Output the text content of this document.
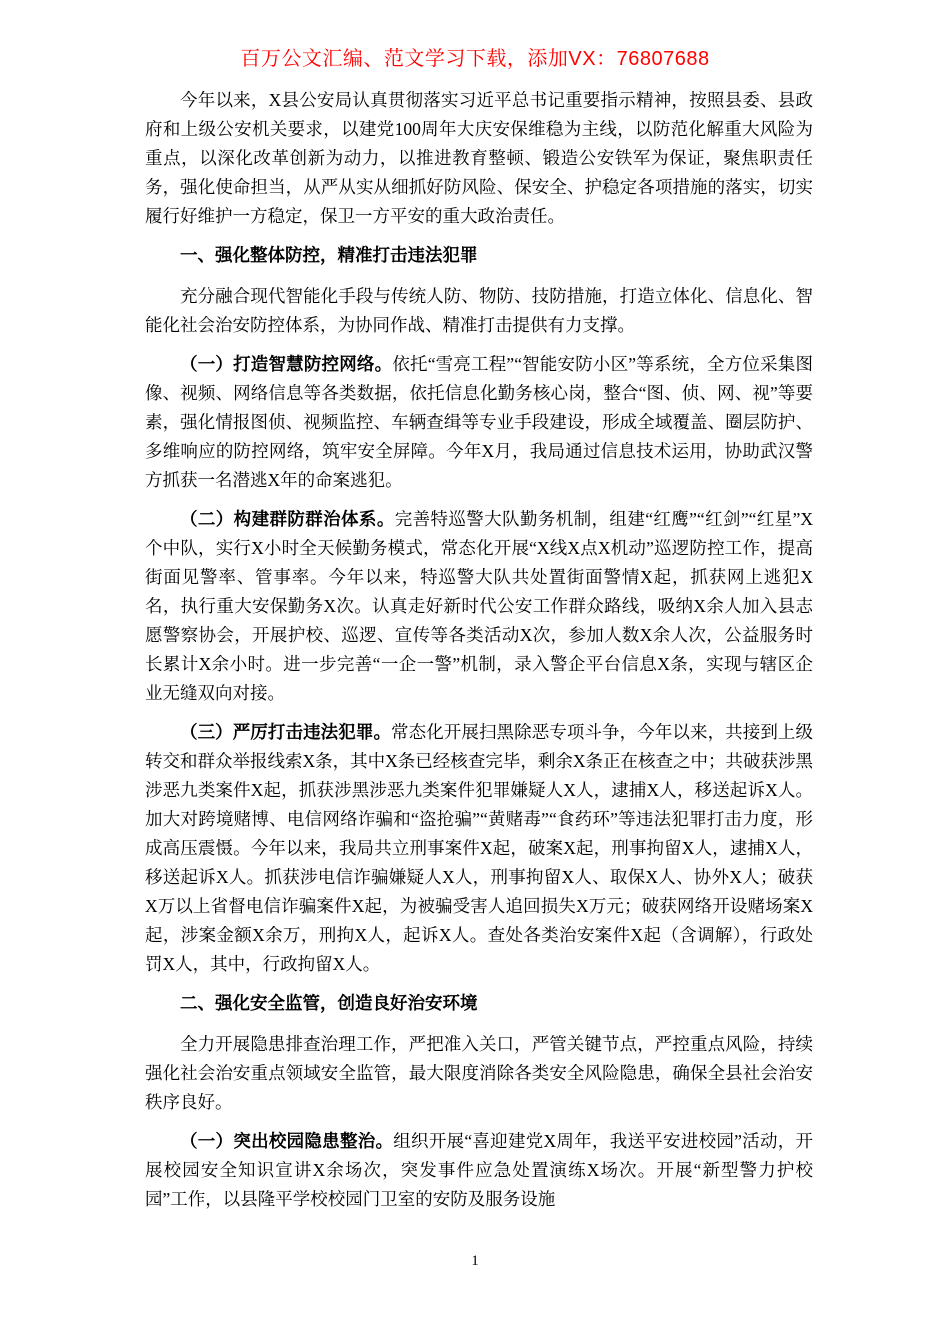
百万公文汇编、范文学习下载，添加VX：76807688

今年以来，X县公安局认真贯彻落实习近平总书记重要指示精神，按照县委、县政府和上级公安机关要求，以建党100周年大庆安保维稳为主线，以防范化解重大风险为重点，以深化改革创新为动力，以推进教育整顿、锻造公安铁军为保证，聚焦职责任务，强化使命担当，从严从实从细抓好防风险、保安全、护稳定各项措施的落实，切实履行好维护一方稳定，保卫一方平安的重大政治责任。

一、强化整体防控，精准打击违法犯罪

充分融合现代智能化手段与传统人防、物防、技防措施，打造立体化、信息化、智能化社会治安防控体系，为协同作战、精准打击提供有力支撑。

（一）打造智慧防控网络。依托“雪亮工程”“智能安防小区”等系统，全方位采集图像、视频、网络信息等各类数据，依托信息化勤务核心岗，整合“图、侦、网、视”等要素，强化情报图侦、视频监控、车辆查缉等专业手段建设，形成全域覆盖、圈层防护、多维响应的防控网络，筑牢安全屏障。今年X月，我局通过信息技术运用，协助武汉警方抓获一名潜逃X年的命案逃犯。

（二）构建群防群治体系。完善特巡警大队勤务机制，组建“红鹰”“红剑”“红星”X个中队，实行X小时全天候勤务模式，常态化开展“X线X点X机动”巡逻防控工作，提高街面见警率、管事率。今年以来，特巡警大队共处置街面警情X起，抓获网上逃犯X名，执行重大安保勤务X次。认真走好新时代公安工作群众路线，吸纳X余人加入县志愿警察协会，开展护校、巡逻、宣传等各类活动X次，参加人数X余人次，公益服务时长累计X余小时。进一步完善“一企一警”机制，录入警企平台信息X条，实现与辖区企业无缝双向对接。

（三）严厉打击违法犯罪。常态化开展扫黑除恶专项斗争，今年以来，共接到上级转交和群众举报线索X条，其中X条已经核查完毕，剩余X条正在核查之中；共破获涉黑涉恶九类案件X起，抓获涉黑涉恶九类案件犯罪嫌疑人X人，逮捕X人，移送起诉X人。加大对跨境赌博、电信网络诈骗和“盗抢骗”“黄赌毒”“食药环”等违法犯罪打击力度，形成高压震慑。今年以来，我局共立刑事案件X起，破案X起，刑事拘留X人，逮捕X人，移送起诉X人。抓获涉电信诈骗嫌疑人X人，刑事拘留X人、取保X人、协外X人；破获X万以上省督电信诈骗案件X起，为被骗受害人追回损失X万元；破获网络开设赌场案X起，涉案金额X余万，刑拘X人，起诉X人。查处各类治安案件X起（含调解），行政处罚X人，其中，行政拘留X人。

二、强化安全监管，创造良好治安环境

全力开展隐患排查治理工作，严把准入关口，严管关键节点，严控重点风险，持续强化社会治安重点领域安全监管，最大限度消除各类安全风险隐患，确保全县社会治安秩序良好。

（一）突出校园隐患整治。组织开展“喜迎建党X周年，我送平安进校园”活动，开展校园安全知识宣讲X余场次，突发事件应急处置演练X场次。开展“新型警力护校园”工作，以县隆平学校校园门卫室的安防及服务设施

1
